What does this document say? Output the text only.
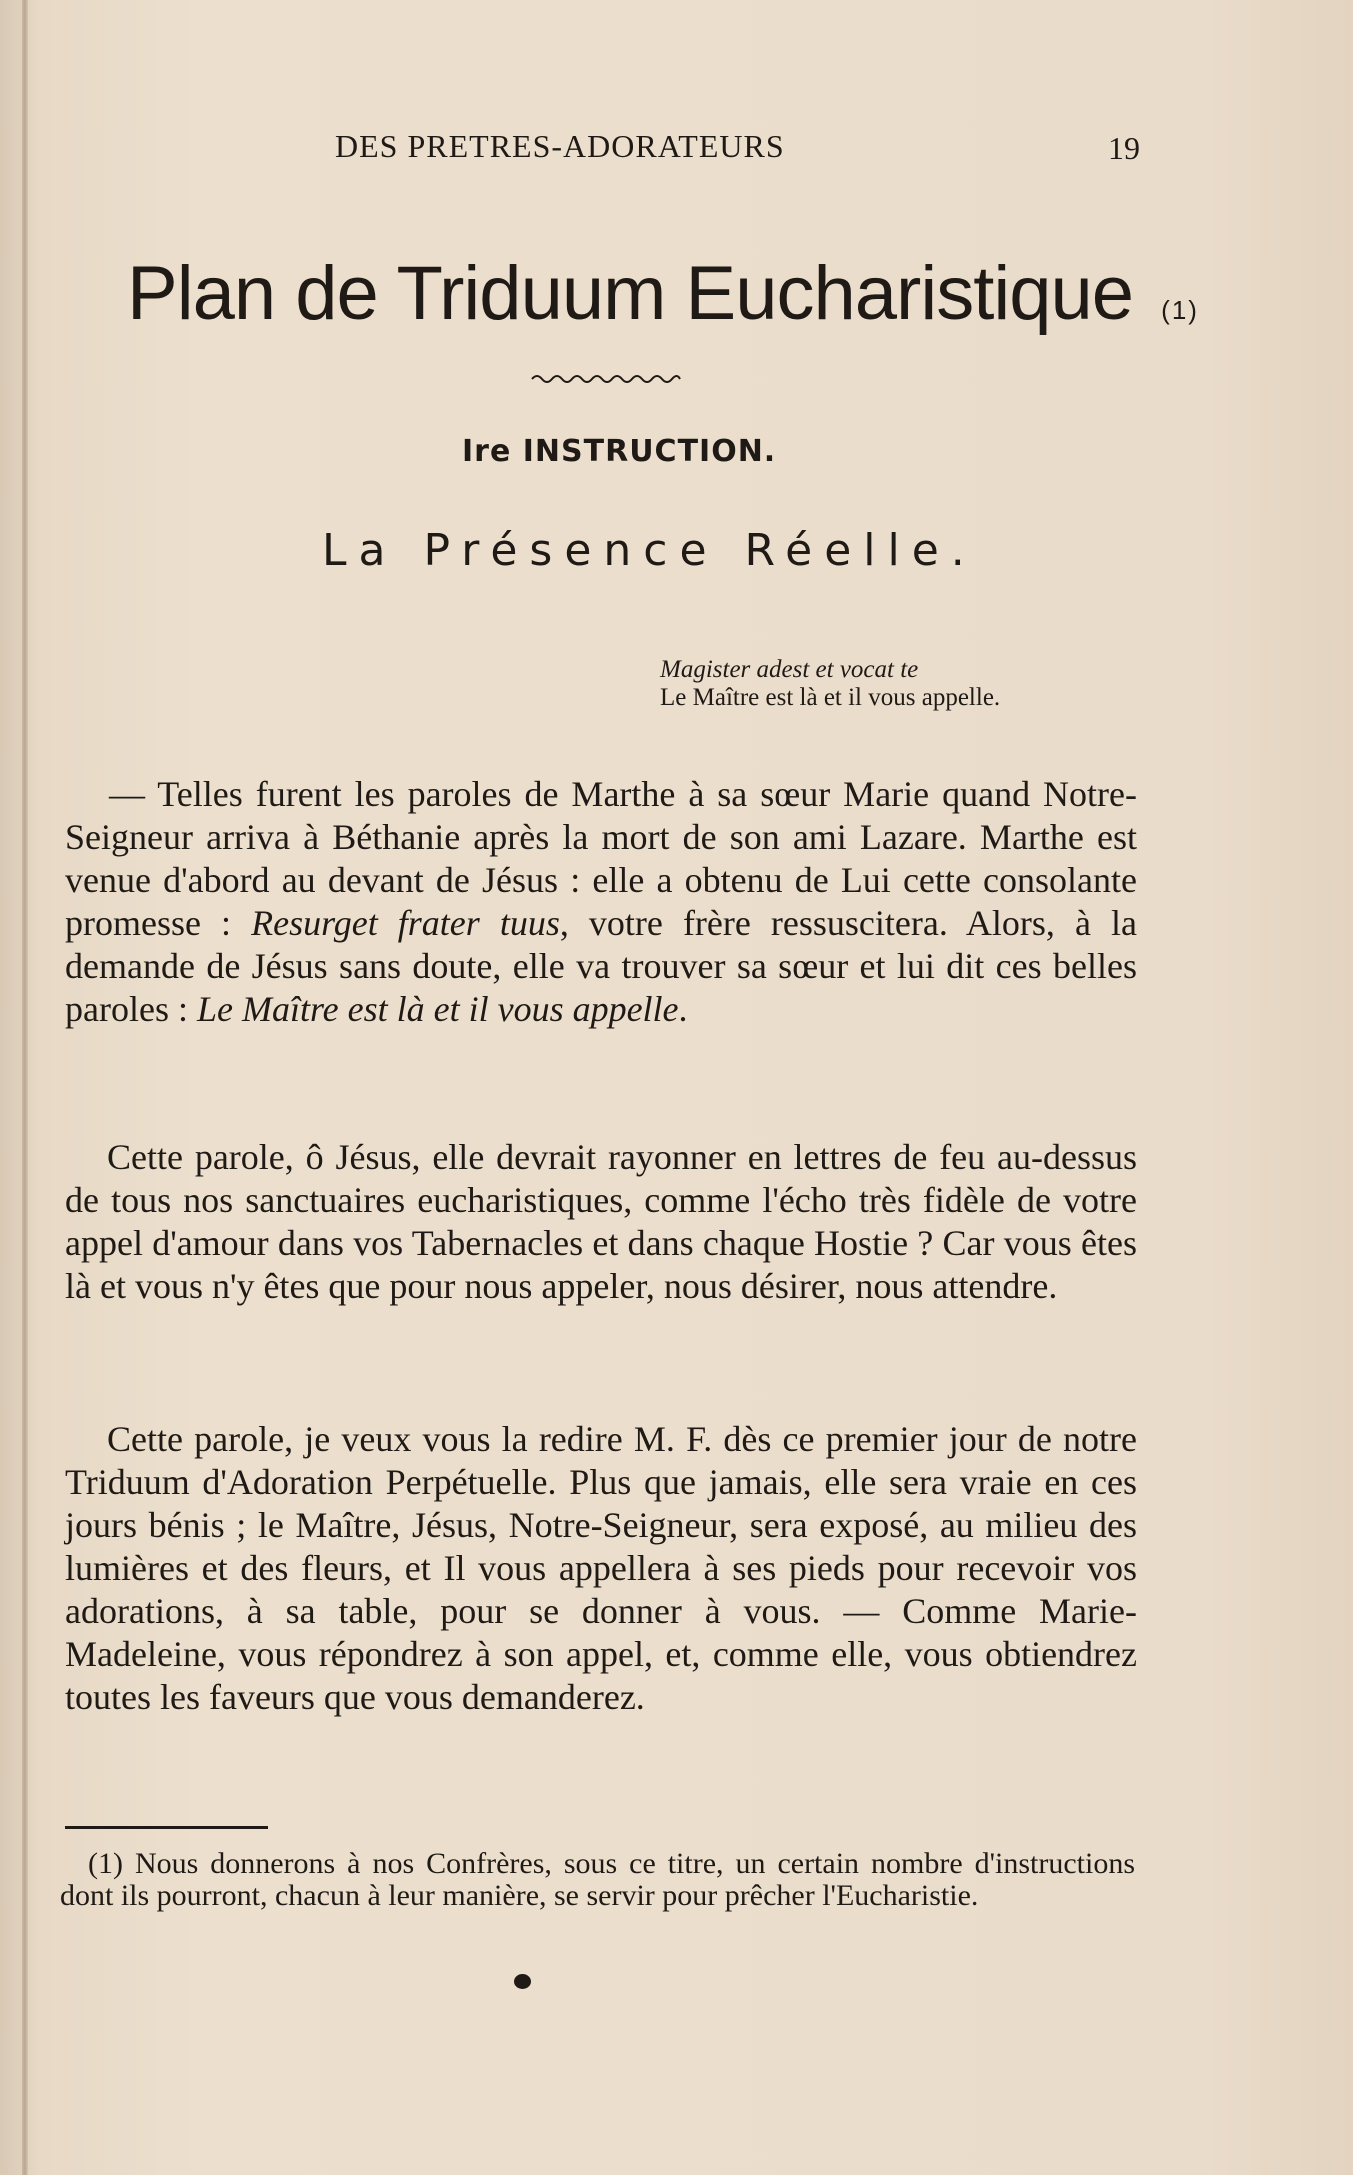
DES PRETRES-ADORATEURS	19
Plan de Triduum Eucharistique (1)
Ire INSTRUCTION.
La Présence Réelle.
Magister adest et vocat te
Le Maître est là et il vous appelle.

— Telles furent les paroles de Marthe à sa sœur Marie quand Notre-Seigneur arriva à Béthanie après la mort de son ami Lazare. Marthe est venue d'abord au devant de Jésus : elle a obtenu de Lui cette consolante promesse : Resurget frater tuus, votre frère ressuscitera. Alors, à la demande de Jésus sans doute, elle va trouver sa sœur et lui dit ces belles paroles : Le Maître est là et il vous appelle.

Cette parole, ô Jésus, elle devrait rayonner en lettres de feu au-dessus de tous nos sanctuaires eucharistiques, comme l'écho très fidèle de votre appel d'amour dans vos Tabernacles et dans chaque Hostie ? Car vous êtes là et vous n'y êtes que pour nous appeler, nous désirer, nous attendre.

Cette parole, je veux vous la redire M. F. dès ce premier jour de notre Triduum d'Adoration Perpétuelle. Plus que jamais, elle sera vraie en ces jours bénis ; le Maître, Jésus, Notre-Seigneur, sera exposé, au milieu des lumières et des fleurs, et Il vous appellera à ses pieds pour recevoir vos adorations, à sa table, pour se donner à vous. — Comme Marie-Madeleine, vous répondrez à son appel, et, comme elle, vous obtiendrez toutes les faveurs que vous demanderez.

(1) Nous donnerons à nos Confrères, sous ce titre, un certain nombre d'instructions dont ils pourront, chacun à leur manière, se servir pour prêcher l'Eucharistie.
